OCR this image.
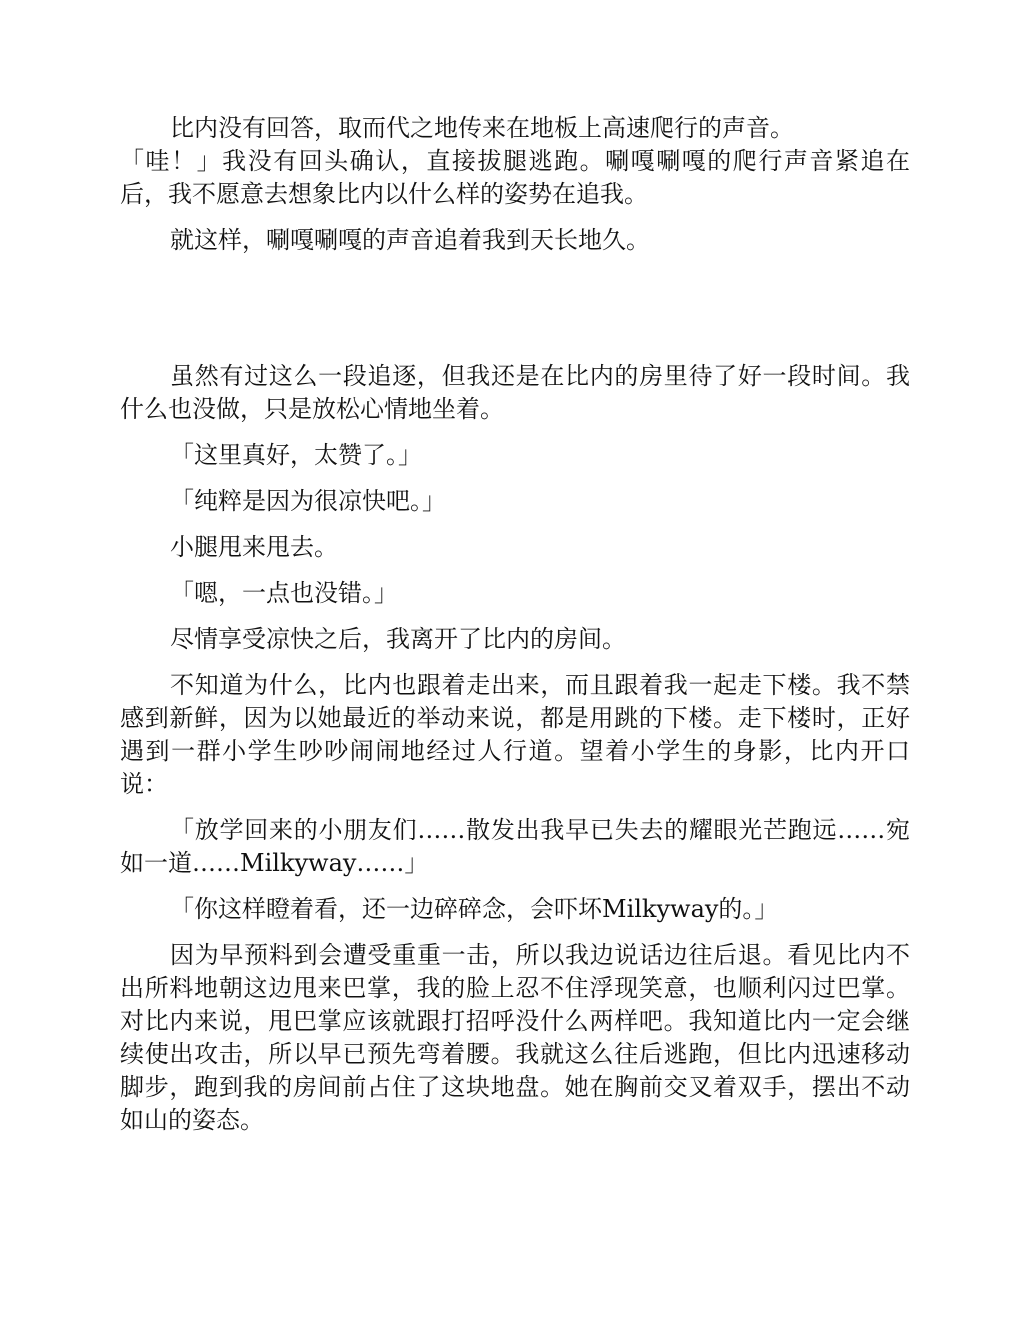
比内没有回答，取而代之地传来在地板上高速爬行的声音。

「哇！」我没有回头确认，直接拔腿逃跑。唰嘎唰嘎的爬行声音紧追在后，我不愿意去想象比内以什么样的姿势在追我。

就这样，唰嘎唰嘎的声音追着我到天长地久。

虽然有过这么一段追逐，但我还是在比内的房里待了好一段时间。我什么也没做，只是放松心情地坐着。

「这里真好，太赞了。」

「纯粹是因为很凉快吧。」

小腿甩来甩去。

「嗯，一点也没错。」

尽情享受凉快之后，我离开了比内的房间。

不知道为什么，比内也跟着走出来，而且跟着我一起走下楼。我不禁感到新鲜，因为以她最近的举动来说，都是用跳的下楼。走下楼时，正好遇到一群小学生吵吵闹闹地经过人行道。望着小学生的身影，比内开口说：

「放学回来的小朋友们……散发出我早已失去的耀眼光芒跑远……宛如一道……Milkyway……」

「你这样瞪着看，还一边碎碎念，会吓坏Milkyway的。」

因为早预料到会遭受重重一击，所以我边说话边往后退。看见比内不出所料地朝这边甩来巴掌，我的脸上忍不住浮现笑意，也顺利闪过巴掌。对比内来说，甩巴掌应该就跟打招呼没什么两样吧。我知道比内一定会继续使出攻击，所以早已预先弯着腰。我就这么往后逃跑，但比内迅速移动脚步，跑到我的房间前占住了这块地盘。她在胸前交叉着双手，摆出不动如山的姿态。
